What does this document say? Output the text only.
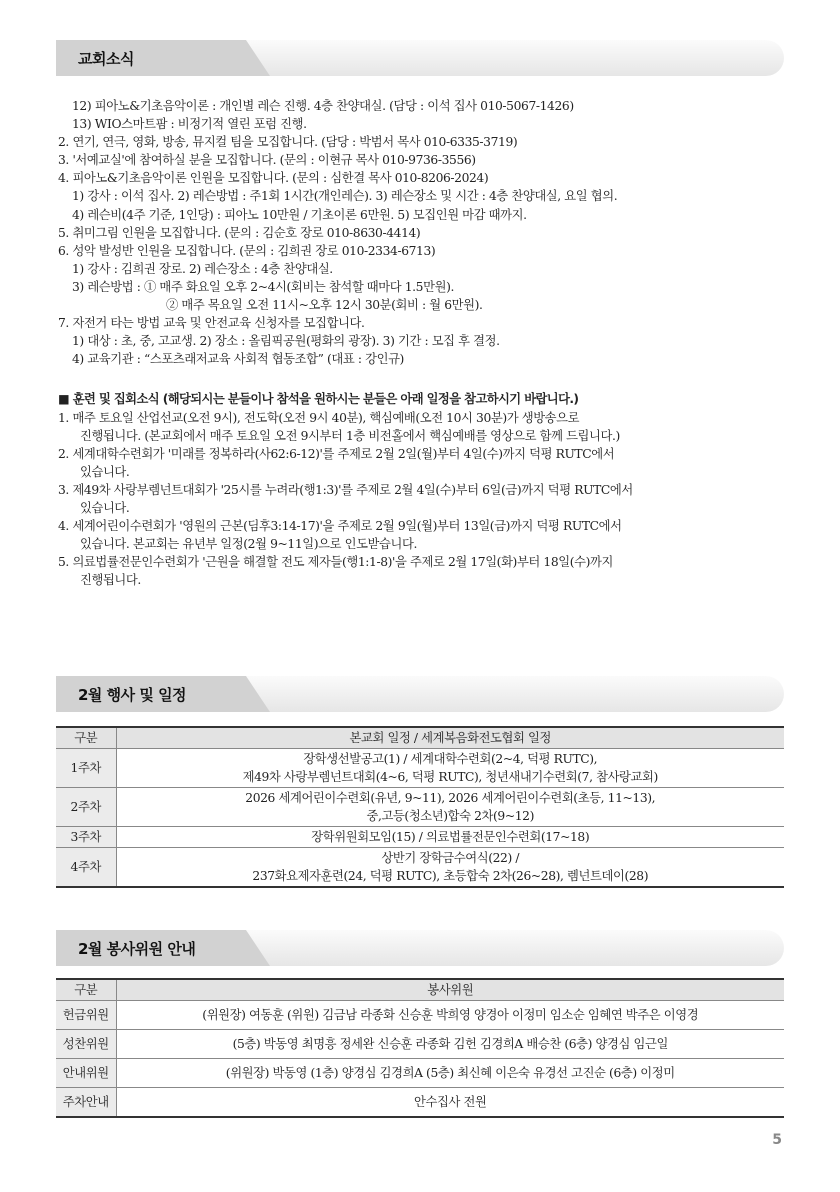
교회소식
12) 피아노&기초음악이론 : 개인별 레슨 진행. 4층 찬양대실. (담당 : 이석 집사 010-5067-1426)
13) WIO스마트팜 : 비정기적 열린 포럼 진행.
2. 연기, 연극, 영화, 방송, 뮤지컬 팀을 모집합니다. (담당 : 박범서 목사 010-6335-3719)
3. '서예교실'에 참여하실 분을 모집합니다. (문의 : 이현규 목사 010-9736-3556)
4. 피아노&기초음악이론 인원을 모집합니다. (문의 : 심한결 목사 010-8206-2024)
1) 강사 : 이석 집사. 2) 레슨방법 : 주1회 1시간(개인레슨). 3) 레슨장소 및 시간 : 4층 찬양대실, 요일 협의.
4) 레슨비(4주 기준, 1인당) : 피아노 10만원 / 기초이론 6만원. 5) 모집인원 마감 때까지.
5. 취미그림 인원을 모집합니다. (문의 : 김순호 장로 010-8630-4414)
6. 성악 발성반 인원을 모집합니다. (문의 : 김희권 장로 010-2334-6713)
1) 강사 : 김희권 장로. 2) 레슨장소 : 4층 찬양대실.
3) 레슨방법 : ① 매주 화요일 오후 2~4시(회비는 참석할 때마다 1.5만원).
② 매주 목요일 오전 11시~오후 12시 30분(회비 : 월 6만원).
7. 자전거 타는 방법 교육 및 안전교육 신청자를 모집합니다.
1) 대상 : 초, 중, 고교생. 2) 장소 : 올림픽공원(평화의 광장). 3) 기간 : 모집 후 결정.
4) 교육기관 : “스포츠래저교육 사회적 협동조합” (대표 : 강인규)
■ 훈련 및 집회소식 (해당되시는 분들이나 참석을 원하시는 분들은 아래 일정을 참고하시기 바랍니다.)
1. 매주 토요일 산업선교(오전 9시), 전도학(오전 9시 40분), 핵심예배(오전 10시 30분)가 생방송으로
진행됩니다. (본교회에서 매주 토요일 오전 9시부터 1층 비전홀에서 핵심예배를 영상으로 함께 드립니다.)
2. 세계대학수련회가 '미래를 정복하라(사62:6-12)'를 주제로 2월 2일(월)부터 4일(수)까지 덕평 RUTC에서
있습니다.
3. 제49차 사랑부렘넌트대회가 '25시를 누려라(행1:3)'를 주제로 2월 4일(수)부터 6일(금)까지 덕평 RUTC에서
있습니다.
4. 세계어린이수련회가 '영원의 근본(딤후3:14-17)'을 주제로 2월 9일(월)부터 13일(금)까지 덕평 RUTC에서
있습니다. 본교회는 유년부 일정(2월 9~11일)으로 인도받습니다.
5. 의료법률전문인수련회가 '근원을 해결할 전도 제자들(행1:1-8)'을 주제로 2월 17일(화)부터 18일(수)까지
진행됩니다.
2월 행사 및 일정
구분	본교회 일정 / 세계복음화전도협회 일정
1주차	장학생선발공고(1) / 세계대학수련회(2~4, 덕평 RUTC),
제49차 사랑부렘넌트대회(4~6, 덕평 RUTC), 청년새내기수련회(7, 참사랑교회)

2주차	2026 세계어린이수련회(유년, 9~11), 2026 세계어린이수련회(초등, 11~13),
중,고등(청소년)합숙 2차(9~12)

3주차	장학위원회모임(15) / 의료법률전문인수련회(17~18)

4주차	상반기 장학금수여식(22) /
237화요제자훈련(24, 덕평 RUTC), 초등합숙 2차(26~28), 렘넌트데이(28)
2월 봉사위원 안내
구분	봉사위원
헌금위원	(위원장) 여동훈 (위원) 김금남 라종화 신승훈 박희영 양경아 이정미 임소순 임혜연 박주은 이영경
성찬위원	(5층) 박동영 최명흥 정세완 신승훈 라종화 김헌 김경희A 배승찬 (6층) 양경심 임근일
안내위원	(위원장) 박동영 (1층) 양경심 김경희A (5층) 최신혜 이은숙 유경선 고진순 (6층) 이정미
주차안내	안수집사 전원
5
